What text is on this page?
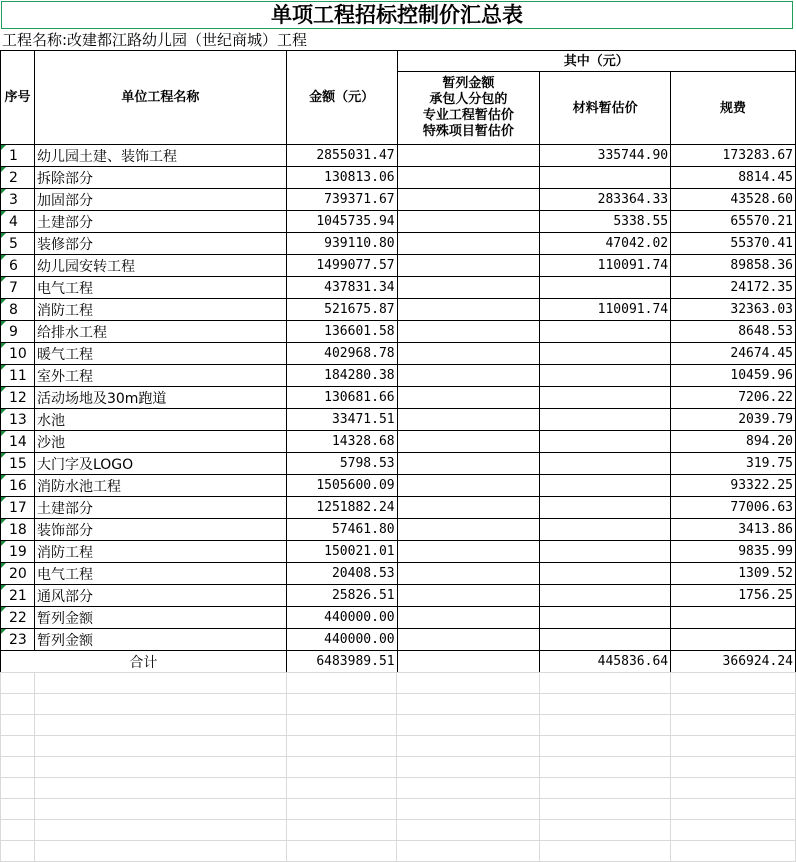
单项工程招标控制价汇总表
工程名称:改建都江路幼儿园（世纪商城）工程
序号	单位工程名称	金额（元）	其中（元）		
			暂列金额
承包人分包的
专业工程暂估价
特殊项目暂估价	材料暂估价	规费
1	幼儿园土建、装饰工程	2855031.47		335744.90	173283.67
2	拆除部分	130813.06			8814.45
3	加固部分	739371.67		283364.33	43528.60
4	土建部分	1045735.94		5338.55	65570.21
5	装修部分	939110.80		47042.02	55370.41
6	幼儿园安转工程	1499077.57		110091.74	89858.36
7	电气工程	437831.34			24172.35
8	消防工程	521675.87		110091.74	32363.03
9	给排水工程	136601.58			8648.53
10	暖气工程	402968.78			24674.45
11	室外工程	184280.38			10459.96
12	活动场地及30m跑道	130681.66			7206.22
13	水池	33471.51			2039.79
14	沙池	14328.68			894.20
15	大门字及LOGO	5798.53			319.75
16	消防水池工程	1505600.09			93322.25
17	土建部分	1251882.24			77006.63
18	装饰部分	57461.80			3413.86
19	消防工程	150021.01			9835.99
20	电气工程	20408.53			1309.52
21	通风部分	25826.51			1756.25
22	暂列金额	440000.00			
23	暂列金额	440000.00			
合计		6483989.51		445836.64	366924.24
